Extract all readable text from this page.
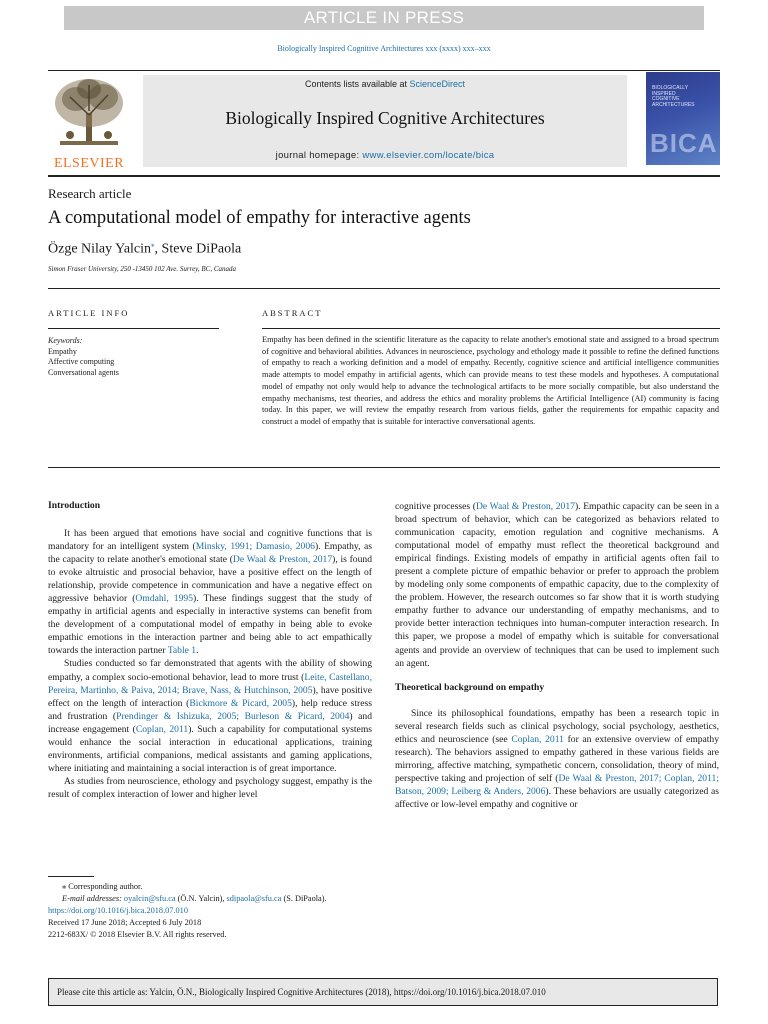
ARTICLE IN PRESS
Biologically Inspired Cognitive Architectures xxx (xxxx) xxx–xxx
ELSEVIER
Contents lists available at ScienceDirect
Biologically Inspired Cognitive Architectures
journal homepage: www.elsevier.com/locate/bica
BIOLOGICALLY
INSPIRED
COGNITIVE
ARCHITECTURES
BICA
Research article
A computational model of empathy for interactive agents
Özge Nilay Yalcin⁎, Steve DiPaola
Simon Fraser University, 250 -13450 102 Ave. Surrey, BC, Canada
ARTICLE INFO	ABSTRACT
Keywords:
Empathy
Affective computing
Conversational agents
Empathy has been defined in the scientific literature as the capacity to relate another's emotional state and assigned to a broad spectrum of cognitive and behavioral abilities. Advances in neuroscience, psychology and ethology made it possible to refine the defined functions of empathy to reach a working definition and a model of empathy. Recently, cognitive science and artificial intelligence communities made attempts to model empathy in artificial agents, which can provide means to test these models and hypotheses. A computational model of empathy not only would help to advance the technological artifacts to be more socially compatible, but also understand the empathy mechanisms, test theories, and address the ethics and morality problems the Artificial Intelligence (AI) community is facing today. In this paper, we will review the empathy research from various fields, gather the requirements for empathic capacity and construct a model of empathy that is suitable for interactive conversational agents.
Introduction

It has been argued that emotions have social and cognitive functions that is mandatory for an intelligent system (Minsky, 1991; Damasio, 2006). Empathy, as the capacity to relate another's emotional state (De Waal & Preston, 2017), is found to evoke altruistic and prosocial behavior, have a positive effect on the length of relationship, provide competence in communication and have a negative effect on aggressive behavior (Omdahl, 1995). These findings suggest that the study of empathy in artificial agents and especially in interactive systems can benefit from the development of a computational model of empathy in being able to evoke empathic emotions in the interaction partner and being able to act empathically towards the interaction partner Table 1.

Studies conducted so far demonstrated that agents with the ability of showing empathy, a complex socio-emotional behavior, lead to more trust (Leite, Castellano, Pereira, Martinho, & Paiva, 2014; Brave, Nass, & Hutchinson, 2005), have positive effect on the length of interaction (Bickmore & Picard, 2005), help reduce stress and frustration (Prendinger & Ishizuka, 2005; Burleson & Picard, 2004) and increase engagement (Coplan, 2011). Such a capability for computational systems would enhance the social interaction in educational applications, training environments, artificial companions, medical assistants and gaming applications, where initiating and maintaining a social interaction is of great importance.

As studies from neuroscience, ethology and psychology suggest, empathy is the result of complex interaction of lower and higher level

cognitive processes (De Waal & Preston, 2017). Empathic capacity can be seen in a broad spectrum of behavior, which can be categorized as behaviors related to communication capacity, emotion regulation and cognitive mechanisms. A computational model of empathy must reflect the theoretical background and empirical findings. Existing models of empathy in artificial agents often fail to present a complete picture of empathic behavior or prefer to approach the problem by modeling only some components of empathic capacity, due to the complexity of the problem. However, the research outcomes so far show that it is worth studying empathy further to advance our understanding of empathy mechanisms, and to provide better interaction techniques into human-computer interaction research. In this paper, we propose a model of empathy which is suitable for conversational agents and provide an overview of techniques that can be used to implement such an agent.

Theoretical background on empathy

Since its philosophical foundations, empathy has been a research topic in several research fields such as clinical psychology, social psychology, aesthetics, ethics and neuroscience (see Coplan, 2011 for an extensive overview of empathy research). The behaviors assigned to empathy gathered in these various fields are mirroring, affective matching, sympathetic concern, consolidation, theory of mind, perspective taking and projection of self (De Waal & Preston, 2017; Coplan, 2011; Batson, 2009; Leiberg & Anders, 2006). These behaviors are usually categorized as affective or low-level empathy and cognitive or

⁎ Corresponding author.
E-mail addresses: oyalcin@sfu.ca (Ö.N. Yalcin), sdipaola@sfu.ca (S. DiPaola).
https://doi.org/10.1016/j.bica.2018.07.010
Received 17 June 2018; Accepted 6 July 2018
2212-683X/ © 2018 Elsevier B.V. All rights reserved.
Please cite this article as: Yalcin, Ö.N., Biologically Inspired Cognitive Architectures (2018), https://doi.org/10.1016/j.bica.2018.07.010
